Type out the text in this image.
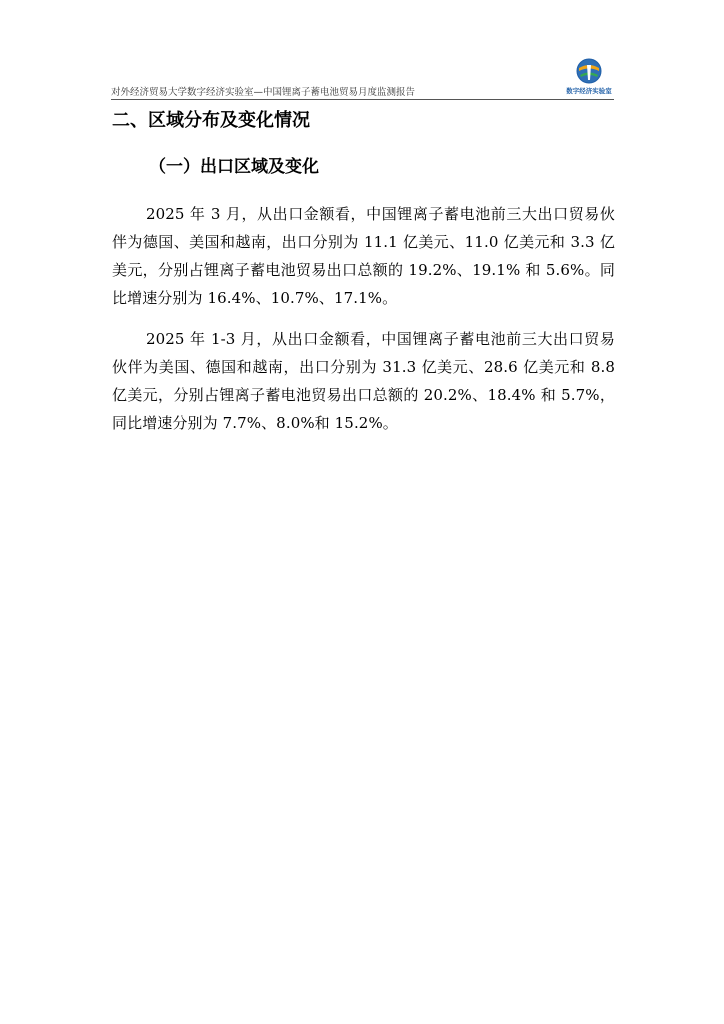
数字经济实验室
对外经济贸易大学数字经济实验室—中国锂离子蓄电池贸易月度监测报告
二、区域分布及变化情况
（一）出口区域及变化

2025 年 3 月，从出口金额看，中国锂离子蓄电池前三大出口贸易伙伴为德国、美国和越南，出口分别为 11.1 亿美元、11.0 亿美元和 3.3 亿美元，分别占锂离子蓄电池贸易出口总额的 19.2%、19.1% 和 5.6%。同比增速分别为 16.4%、10.7%、17.1%。

2025 年 1-3 月，从出口金额看，中国锂离子蓄电池前三大出口贸易伙伴为美国、德国和越南，出口分别为 31.3 亿美元、28.6 亿美元和 8.8 亿美元，分别占锂离子蓄电池贸易出口总额的 20.2%、18.4% 和 5.7%，同比增速分别为 7.7%、8.0%和 15.2%。
